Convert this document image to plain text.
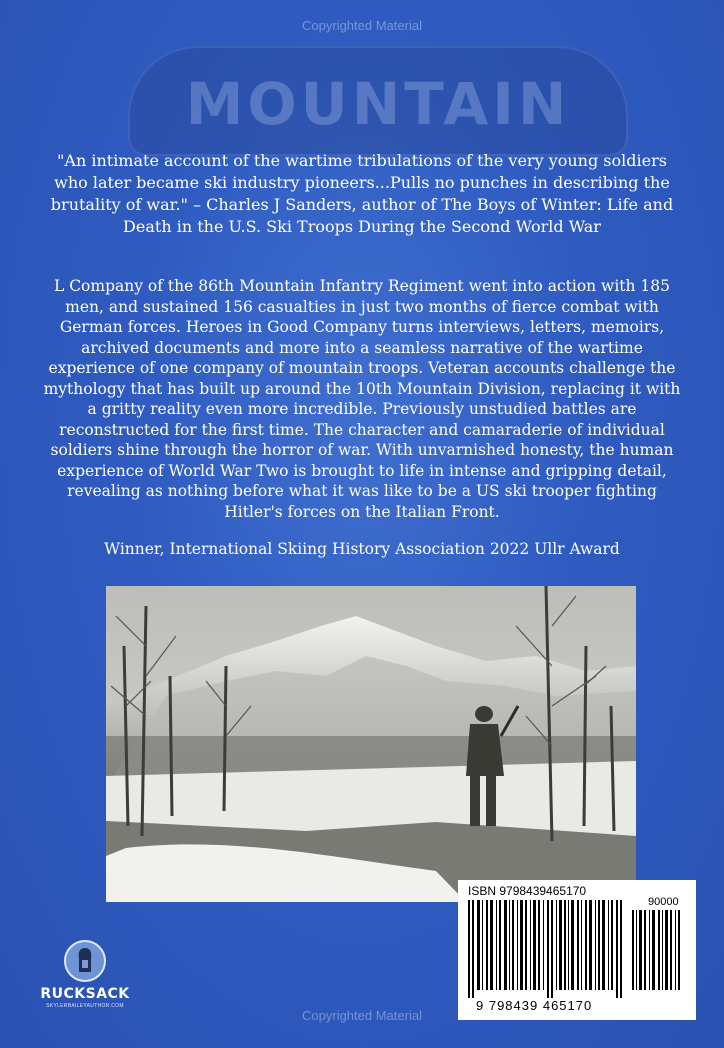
Copyrighted Material
MOUNTAIN

"An intimate account of the wartime tribulations of the very young soldiers who later became ski industry pioneers...Pulls no punches in describing the brutality of war." – Charles J Sanders, author of The Boys of Winter: Life and Death in the U.S. Ski Troops During the Second World War

L Company of the 86th Mountain Infantry Regiment went into action with 185 men, and sustained 156 casualties in just two months of fierce combat with German forces. Heroes in Good Company turns interviews, letters, memoirs, archived documents and more into a seamless narrative of the wartime experience of one company of mountain troops. Veteran accounts challenge the mythology that has built up around the 10th Mountain Division, replacing it with a gritty reality even more incredible. Previously unstudied battles are reconstructed for the first time. The character and camaraderie of individual soldiers shine through the horror of war. With unvarnished honesty, the human experience of World War Two is brought to life in intense and gripping detail, revealing as nothing before what it was like to be a US ski trooper fighting Hitler's forces on the Italian Front.

Winner, International Skiing History Association 2022 Ullr Award

ISBN 9798439465170
90000
9 798439 465170
RUCKSACK
SKYLERBAILEYAUTHOR.COM
Copyrighted Material
